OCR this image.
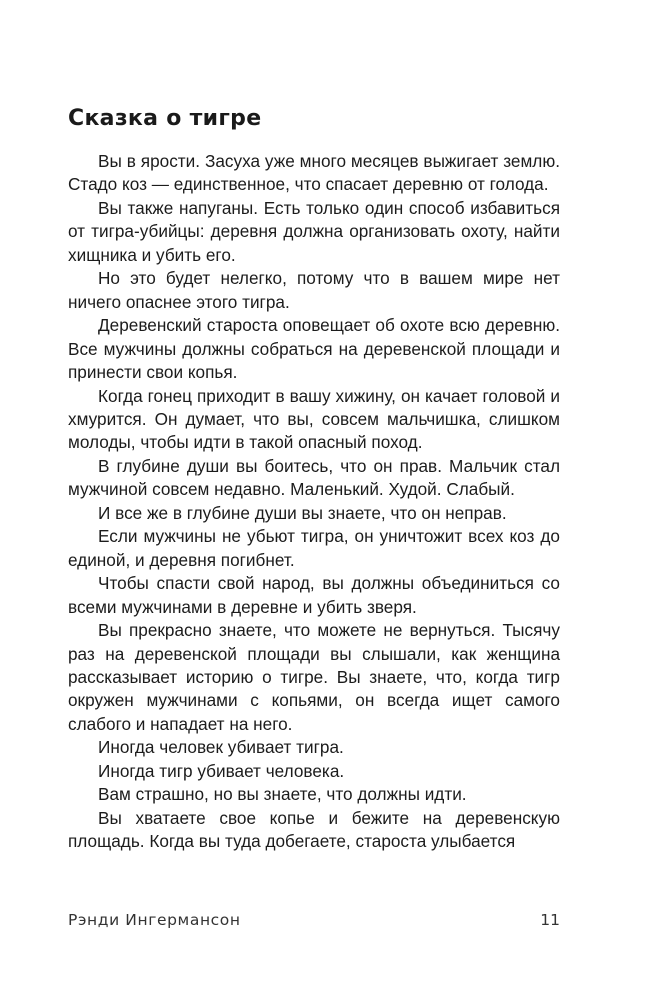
Сказка о тигре

Вы в ярости. Засуха уже много месяцев выжигает землю. Стадо коз — единственное, что спасает деревню от голода.

Вы также напуганы. Есть только один способ избавиться от тигра-убийцы: деревня должна организовать охоту, найти хищника и убить его.

Но это будет нелегко, потому что в вашем мире нет ничего опаснее этого тигра.

Деревенский староста оповещает об охоте всю деревню. Все мужчины должны собраться на деревенской площади и принести свои копья.

Когда гонец приходит в вашу хижину, он качает головой и хмурится. Он думает, что вы, совсем мальчишка, слишком молоды, чтобы идти в такой опасный поход.

В глубине души вы боитесь, что он прав. Мальчик стал мужчиной совсем недавно. Маленький. Худой. Слабый.

И все же в глубине души вы знаете, что он неправ.

Если мужчины не убьют тигра, он уничтожит всех коз до единой, и деревня погибнет.

Чтобы спасти свой народ, вы должны объединиться со всеми мужчинами в деревне и убить зверя.

Вы прекрасно знаете, что можете не вернуться. Тысячу раз на деревенской площади вы слышали, как женщина рассказывает историю о тигре. Вы знаете, что, когда тигр окружен мужчинами с копьями, он всегда ищет самого слабого и нападает на него.

Иногда человек убивает тигра.

Иногда тигр убивает человека.

Вам страшно, но вы знаете, что должны идти.

Вы хватаете свое копье и бежите на деревенскую площадь. Когда вы туда добегаете, староста улыбается

Рэнди Ингермансон	11
